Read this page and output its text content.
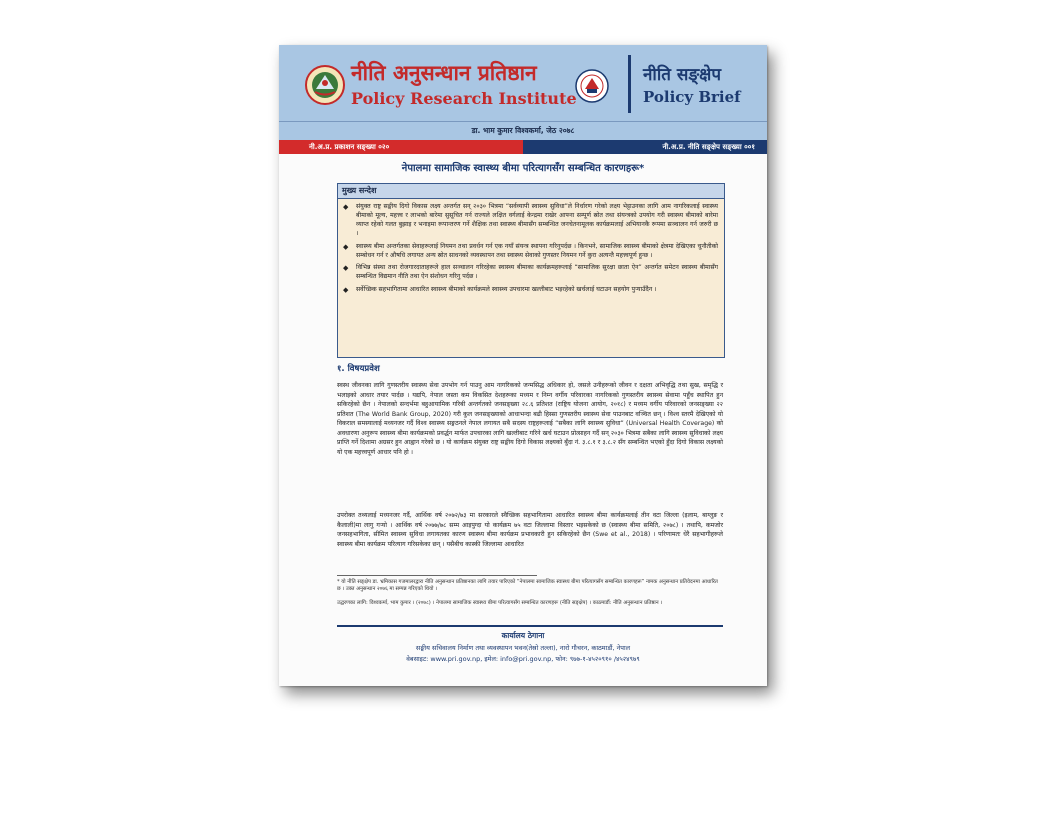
नीति अनुसन्धान प्रतिष्ठान
Policy Research Institute
नीति सङ्क्षेप
Policy Brief
डा. भाम कुमार विश्वकर्मा, जेठ २०७८
नी.अ.प्र. प्रकाशन सङ्ख्या ०२०	नी.अ.प्र. नीति सङ्क्षेप सङ्ख्या ००१
नेपालमा सामाजिक स्वास्थ्य बीमा परित्यागसँग सम्बन्धित कारणहरू*
मुख्य सन्देश
◆ संयुक्त राष्ट्र सङ्घीय दिगो विकास लक्ष्य अन्तर्गत सन् २०३० भित्रमा “सर्वव्यापी स्वास्थ्य सुविधा”ले निर्धारण गरेको लक्ष्य भेट्टाउनका लागि आम नागरिकलाई स्वास्थ्य बीमाको मूल्य, महत्त्व र लाभको बारेमा सुसूचित गर्न राज्यले लक्षित वर्गलाई केन्द्रमा राखेर आफ्ना सम्पूर्ण स्रोत तथा संयन्त्रको उपयोग गरी स्वास्थ्य बीमाको बारेमा व्याप्त रहेको गलत बुझाइ र भनाइमा रूपान्तरण गर्ने शैक्षिक तथा स्वास्थ्य बीमासँग सम्बन्धित जनचेतनामूलक कार्यक्रमलाई अभियानकै रूपमा सञ्चालन गर्न जरुरी छ ।
◆ स्वास्थ्य बीमा अन्तर्गतका सेवाहरूलाई नियमन तथा प्रवर्धन गर्न एक नयाँ संयन्त्र स्थापना गरिनुपर्दछ । किनभने, सामाजिक स्वास्थ्य बीमाको क्षेत्रमा देखिएका चुनौतीको सम्बोधन गर्न र औषधि लगायत अन्य स्रोत साधनको व्यवस्थापन तथा स्वास्थ्य सेवाको गुणस्तर नियमन गर्ने कुरा अत्यन्तै महत्त्वपूर्ण हुन्छ ।
◆ विभिन्न संस्था तथा रोजगारदाताहरूले हाल सञ्चालन गरिरहेका स्वास्थ्य बीमाका कार्यक्रमहरूलाई “सामाजिक सुरक्षा छाता ऐन” अन्तर्गत समेटन स्वास्थ्य बीमासँग सम्बन्धित विद्यमान नीति तथा ऐन संशोधन गरिनु पर्दछ ।
◆ सर्वेच्छिक सहभागितामा आधारित स्वास्थ्य बीमाको कार्यक्रमले स्वास्थ्य उपचारमा खल्तीबाट भइरहेको खर्चलाई घटाउन सहयोग पुऱ्याउँदैन ।
१. विषयप्रवेश
स्वस्थ जीवनका लागि गुणस्तरीय स्वास्थ्य सेवा उपभोग गर्न पाउनु आम नागरिकको जन्मसिद्ध अधिकार हो, जसले उनीहरूको जीवन र दक्षता अभिवृद्धि तथा सुख, समृद्धि र भलाइको आधार तयार पार्दछ । यद्यपि, नेपाल जस्ता कम विकसित देशहरूका मध्यम र निम्न वर्गीय परिवारका नागरिकको गुणस्तरीय स्वास्थ्य सेवामा पहुँच स्थापित हुन सकिरहेको छैन । नेपालको सन्दर्भमा बहुआयामिक गरिबी अन्तर्गतको जनसङ्ख्या २८.६ प्रतिशत (राष्ट्रिय योजना आयोग, २०१८) र मध्यम वर्गीय परिवारको जनसङ्ख्या २२ प्रतिशत (The World Bank Group, 2020) गरी कुल जनसङ्ख्याको आधाभन्दा बढी हिस्सा गुणस्तरीय स्वास्थ्य सेवा पाउनबाट वञ्चित छन् । विश्व स्तरमै देखिएको यो विकराल समस्यालाई मध्यनजर गर्दै विश्व स्वास्थ्य सङ्गठनले नेपाल लगायत सबै सदस्य राष्ट्रहरूलाई “सबैका लागि स्वास्थ्य सुविधा” (Universal Health Coverage) को अवधारणा अनुरूप स्वास्थ्य बीमा कार्यक्रमको प्रवर्द्धन मार्फत उपचारका लागि खल्तीबाट गरिने खर्च घटाउन प्रोत्साहन गर्दै सन् २०३० भित्रमा सबैका लागि स्वास्थ्य सुविधाको लक्ष्य प्राप्ति गर्ने दिशामा अग्रसर हुन आह्वान गरेको छ । यो कार्यक्रम संयुक्त राष्ट्र सङ्घीय दिगो विकास लक्ष्यको बुँदा नं. ३.८.१ र ३.८.२ सँग सम्बन्धित भएको हुँदा दिगो विकास लक्ष्यको यो एक महत्त्वपूर्ण आधार पनि हो ।
उपरोक्त तथ्यलाई मध्यनजर गर्दै, आर्थिक वर्ष २०७२/७३ मा सरकारले स्वैच्छिक सहभागितामा आधारित स्वास्थ्य बीमा कार्यक्रमलाई तीन वटा जिल्ला (इलाम, बाग्लुङ र कैलाली)मा लागु गऱ्यो । आर्थिक वर्ष २०७७/७८ सम्म आइपुग्दा यो कार्यक्रम ७५ वटा जिल्लामा विस्तार भइसकेको छ (स्वास्थ्य बीमा समिति, २०७८) । तथापि, कमजोर जनसहभागिता, सीमित स्वास्थ्य सुविधा लगायतका कारण स्वास्थ्य बीमा कार्यक्रम प्रभावकारी हुन सकिरहेको छैन (Swe et al., 2018) । परिणामतः धेरै सहभागीहरूले स्वास्थ्य बीमा कार्यक्रम परित्याग गरिसकेका छन् । यसैबीच कास्की जिल्लामा आधारित
* यो नीति सङ्क्षेप डा. भ्रमिकास गजमालरद्वारा नीति अनुसन्धान प्रतिष्ठानका लागि तयार पारिएको “नेपालमा सामाजिक स्वास्थ्य बीमा परित्यागसँग सम्बन्धित कारणहरू” नामक अनुसन्धान प्रतिवेदनमा आधारित छ । उक्त अनुसन्धान २०७६ मा सम्पन्न गरिएको थियो ।
उद्धरणका लागि: विश्वकर्मा, भाम कुमार । (२०७८) । नेपालमा सामाजिक स्वास्थ्य बीमा परित्यागसँग सम्बन्धित कारणहरू (नीति सङ्क्षेप) । काठमाडौं: नीति अनुसन्धान प्रतिष्ठान ।
कार्यालय ठेगाना
सङ्घीय सचिवालय निर्माण तथा व्यवस्थापन भवन(तेस्रो तल्ला), नारो गौचरन, काठमाडौं, नेपाल
वेबसाइट: www.pri.gov.np, इमेल: info@pri.gov.np, फोन: ९७७-१-४५२०९१० /४५२४९७९
